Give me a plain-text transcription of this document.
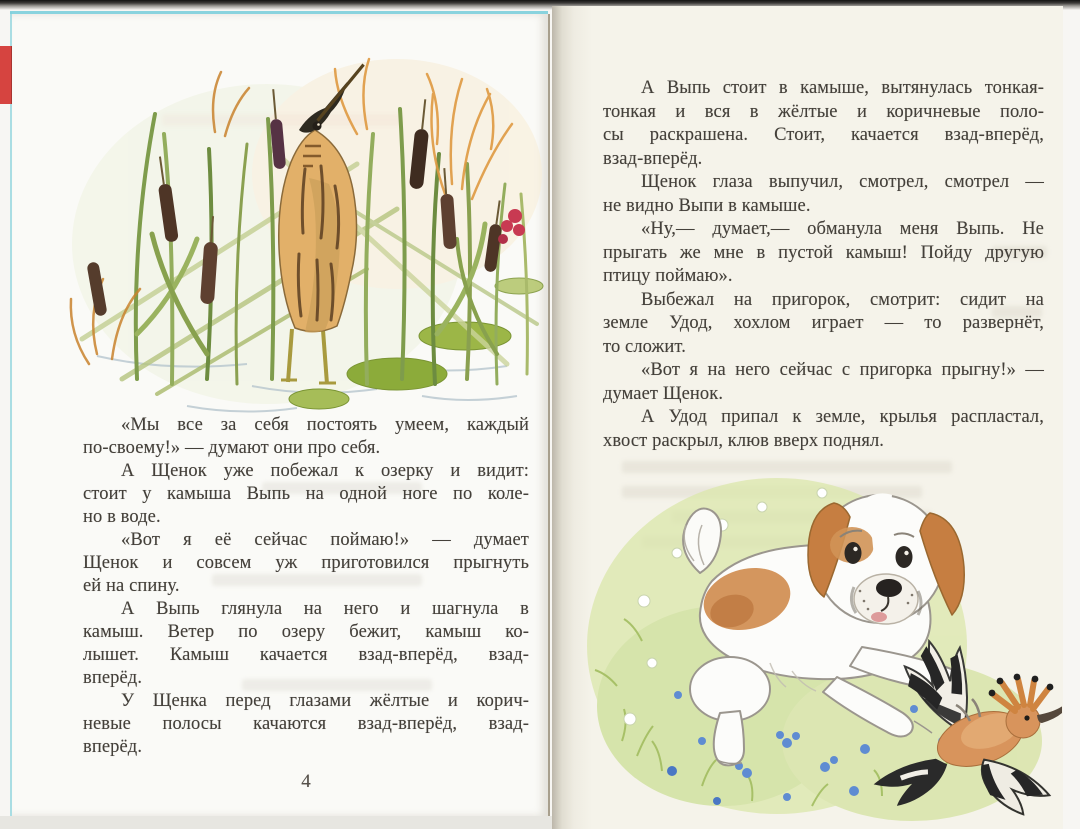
«Мы все за себя постоять умеем, каждый
по-своему!» — думают они про себя.
А Щенок уже побежал к озерку и видит:
стоит у камыша Выпь на одной ноге по коле-
но в воде.
«Вот я её сейчас поймаю!» — думает
Щенок и совсем уж приготовился прыгнуть
ей на спину.
А Выпь глянула на него и шагнула в
камыш. Ветер по озеру бежит, камыш ко-
лышет. Камыш качается взад-вперёд, взад-
вперёд.
У Щенка перед глазами жёлтые и корич-
невые полосы качаются взад-вперёд, взад-
вперёд.
4
А Выпь стоит в камыше, вытянулась тонкая-
тонкая и вся в жёлтые и коричневые поло-
сы раскрашена. Стоит, качается взад-вперёд,
взад-вперёд.
Щенок глаза выпучил, смотрел, смотрел —
не видно Выпи в камыше.
«Ну,— думает,— обманула меня Выпь. Не
прыгать же мне в пустой камыш! Пойду другую
птицу поймаю».
Выбежал на пригорок, смотрит: сидит на
земле Удод, хохлом играет — то развернёт,
то сложит.
«Вот я на него сейчас с пригорка прыгну!» —
думает Щенок.
А Удод припал к земле, крылья распластал,
хвост раскрыл, клюв вверх поднял.
